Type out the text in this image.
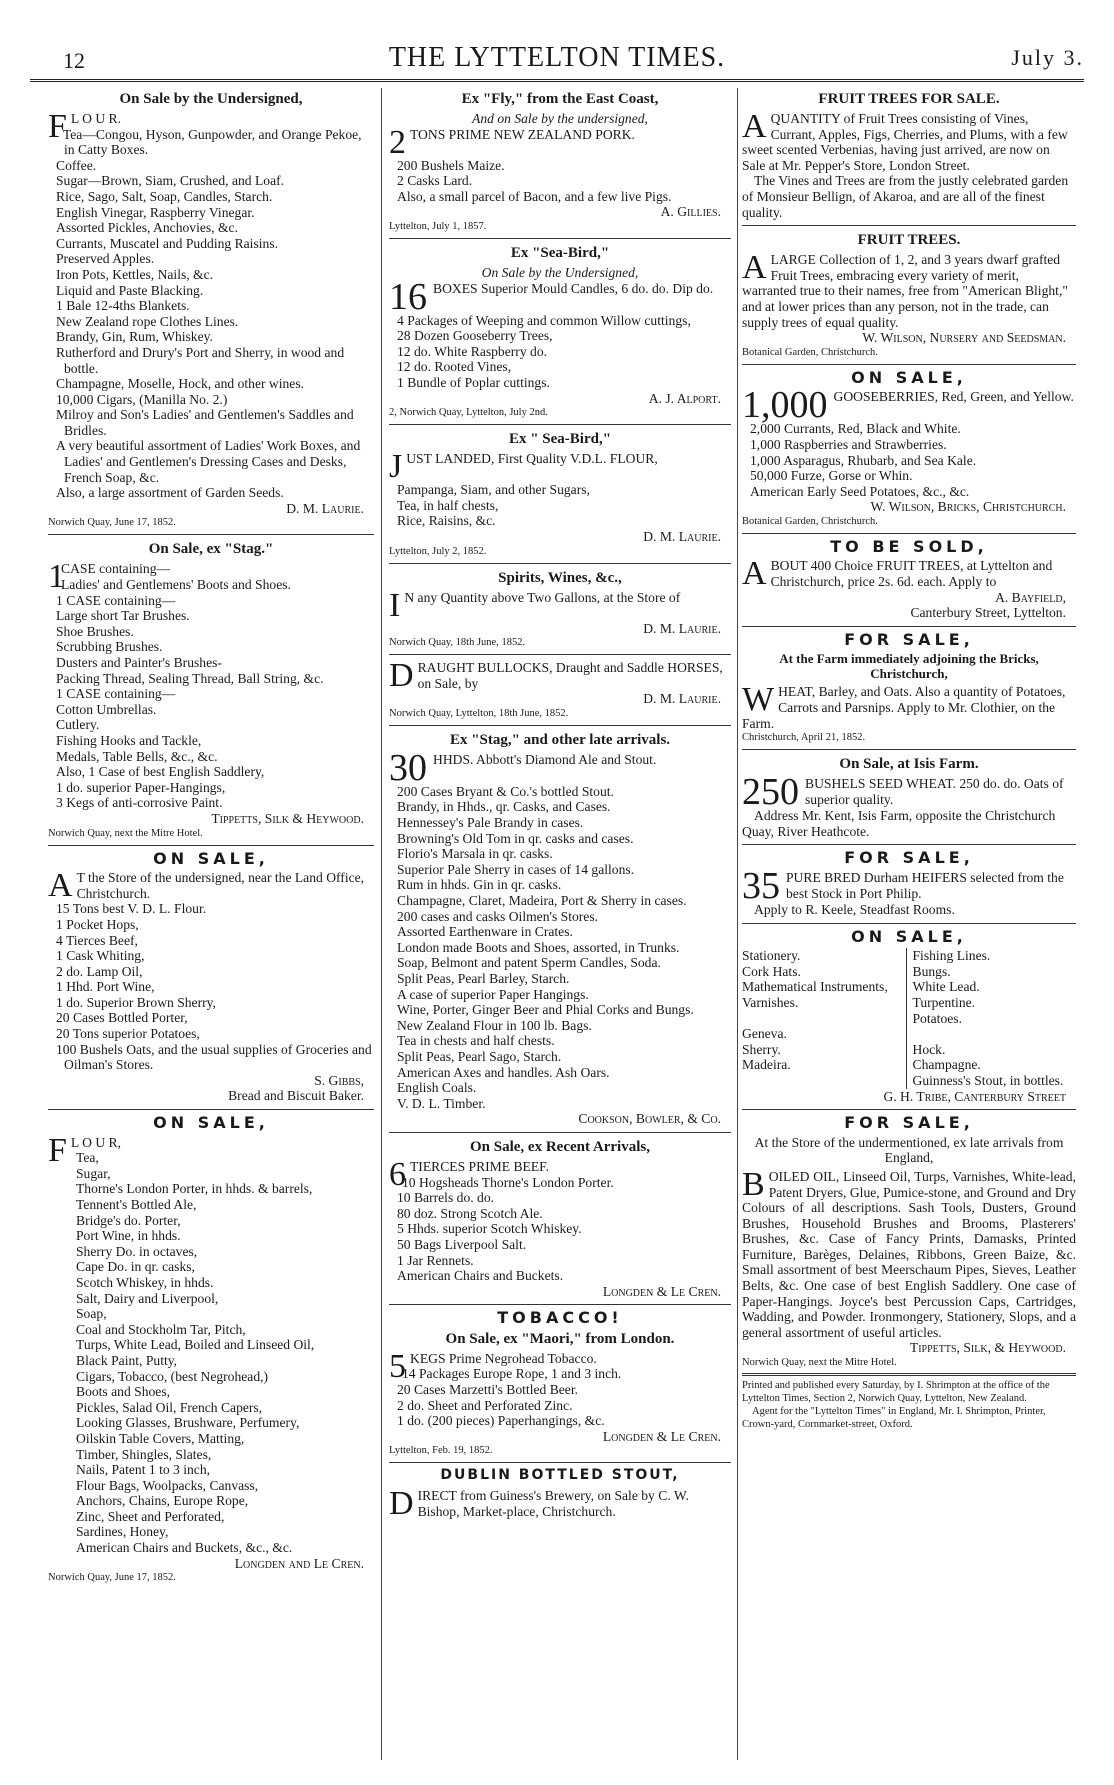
12	THE LYTTELTON TIMES.	July 3.
On Sale by the Undersigned,
F L O U R.

Tea—Congou, Hyson, Gunpowder, and Orange Pekoe, in Catty Boxes.

Coffee.

Sugar—Brown, Siam, Crushed, and Loaf.

Rice, Sago, Salt, Soap, Candles, Starch.

English Vinegar, Raspberry Vinegar.

Assorted Pickles, Anchovies, &c.

Currants, Muscatel and Pudding Raisins.

Preserved Apples.

Iron Pots, Kettles, Nails, &c.

Liquid and Paste Blacking.

1 Bale 12-4ths Blankets.

New Zealand rope Clothes Lines.

Brandy, Gin, Rum, Whiskey.

Rutherford and Drury's Port and Sherry, in wood and bottle.

Champagne, Moselle, Hock, and other wines.

10,000 Cigars, (Manilla No. 2.)

Milroy and Son's Ladies' and Gentlemen's Saddles and Bridles.

A very beautiful assortment of Ladies' Work Boxes, and Ladies' and Gentlemen's Dressing Cases and Desks, French Soap, &c.

Also, a large assortment of Garden Seeds.

D. M. Laurie.

Norwich Quay, June 17, 1852.

On Sale, ex "Stag."
1

CASE containing—

Ladies' and Gentlemens' Boots and Shoes.

1 CASE containing—

Large short Tar Brushes.

Shoe Brushes.

Scrubbing Brushes.

Dusters and Painter's Brushes-

Packing Thread, Sealing Thread, Ball String, &c.

1 CASE containing—

Cotton Umbrellas.

Cutlery.

Fishing Hooks and Tackle,

Medals, Table Bells, &c., &c.

Also, 1 Case of best English Saddlery,

1 do. superior Paper-Hangings,

3 Kegs of anti-corrosive Paint.

Tippetts, Silk & Heywood.

Norwich Quay, next the Mitre Hotel.

ON SALE,
A T the Store of the undersigned, near the Land Office, Christchurch.

15 Tons best V. D. L. Flour.

1 Pocket Hops,

4 Tierces Beef,

1 Cask Whiting,

2 do. Lamp Oil,

1 Hhd. Port Wine,

1 do. Superior Brown Sherry,

20 Cases Bottled Porter,

20 Tons superior Potatoes,

100 Bushels Oats, and the usual supplies of Groceries and Oilman's Stores.

S. Gibbs,

Bread and Biscuit Baker.

ON SALE,
F L O U R,

Tea,

Sugar,

Thorne's London Porter, in hhds. & barrels,

Tennent's Bottled Ale,

Bridge's do. Porter,

Port Wine, in hhds.

Sherry Do. in octaves,

Cape Do. in qr. casks,

Scotch Whiskey, in hhds.

Salt, Dairy and Liverpool,

Soap,

Coal and Stockholm Tar, Pitch,

Turps, White Lead, Boiled and Linseed Oil,

Black Paint, Putty,

Cigars, Tobacco, (best Negrohead,)

Boots and Shoes,

Pickles, Salad Oil, French Capers,

Looking Glasses, Brushware, Perfumery,

Oilskin Table Covers, Matting,

Timber, Shingles, Slates,

Nails, Patent 1 to 3 inch,

Flour Bags, Woolpacks, Canvass,

Anchors, Chains, Europe Rope,

Zinc, Sheet and Perforated,

Sardines, Honey,

American Chairs and Buckets, &c., &c.

Longden and Le Cren.

Norwich Quay, June 17, 1852.

Ex "Fly," from the East Coast,
And on Sale by the undersigned,
2 TONS PRIME NEW ZEALAND PORK.

200 Bushels Maize.

2 Casks Lard.

Also, a small parcel of Bacon, and a few live Pigs.

A. Gillies.

Lyttelton, July 1, 1857.

Ex "Sea-Bird,"
On Sale by the Undersigned,
16 BOXES Superior Mould Candles, 6 do. do. Dip do.

4 Packages of Weeping and common Willow cuttings,

28 Dozen Gooseberry Trees,

12 do. White Raspberry do.

12 do. Rooted Vines,

1 Bundle of Poplar cuttings.

A. J. Alport.

2, Norwich Quay, Lyttelton, July 2nd.

Ex " Sea-Bird,"
J UST LANDED, First Quality V.D.L. FLOUR,

Pampanga, Siam, and other Sugars,

Tea, in half chests,

Rice, Raisins, &c.

D. M. Laurie.

Lyttelton, July 2, 1852.

Spirits, Wines, &c.,
I N any Quantity above Two Gallons, at the Store of

D. M. Laurie.

Norwich Quay, 18th June, 1852.

D RAUGHT BULLOCKS, Draught and Saddle HORSES, on Sale, by

D. M. Laurie.

Norwich Quay, Lyttelton, 18th June, 1852.

Ex "Stag," and other late arrivals.
30 HHDS. Abbott's Diamond Ale and Stout.

200 Cases Bryant & Co.'s bottled Stout.

Brandy, in Hhds., qr. Casks, and Cases.

Hennessey's Pale Brandy in cases.

Browning's Old Tom in qr. casks and cases.

Florio's Marsala in qr. casks.

Superior Pale Sherry in cases of 14 gallons.

Rum in hhds. Gin in qr. casks.

Champagne, Claret, Madeira, Port & Sherry in cases.

200 cases and casks Oilmen's Stores.

Assorted Earthenware in Crates.

London made Boots and Shoes, assorted, in Trunks.

Soap, Belmont and patent Sperm Candles, Soda.

Split Peas, Pearl Barley, Starch.

A case of superior Paper Hangings.

Wine, Porter, Ginger Beer and Phial Corks and Bungs.

New Zealand Flour in 100 lb. Bags.

Tea in chests and half chests.

Split Peas, Pearl Sago, Starch.

American Axes and handles. Ash Oars.

English Coals.

V. D. L. Timber.

Cookson, Bowler, & Co.

On Sale, ex Recent Arrivals,
6 TIERCES PRIME BEEF.

10 Hogsheads Thorne's London Porter.

10 Barrels do. do.

80 doz. Strong Scotch Ale.

5 Hhds. superior Scotch Whiskey.

50 Bags Liverpool Salt.

1 Jar Rennets.

American Chairs and Buckets.

Longden & Le Cren.

TOBACCO!
On Sale, ex "Maori," from London.
5 KEGS Prime Negrohead Tobacco.

14 Packages Europe Rope, 1 and 3 inch.

20 Cases Marzetti's Bottled Beer.

2 do. Sheet and Perforated Zinc.

1 do. (200 pieces) Paperhangings, &c.

Longden & Le Cren.

Lyttelton, Feb. 19, 1852.

DUBLIN BOTTLED STOUT,
D IRECT from Guiness's Brewery, on Sale by C. W. Bishop, Market-place, Christchurch.

FRUIT TREES FOR SALE.
A QUANTITY of Fruit Trees consisting of Vines, Currant, Apples, Figs, Cherries, and Plums, with a few sweet scented Verbenias, having just arrived, are now on Sale at Mr. Pepper's Store, London Street.

The Vines and Trees are from the justly celebrated garden of Monsieur Bellign, of Akaroa, and are all of the finest quality.

FRUIT TREES.
A LARGE Collection of 1, 2, and 3 years dwarf grafted Fruit Trees, embracing every variety of merit, warranted true to their names, free from "American Blight," and at lower prices than any person, not in the trade, can supply trees of equal quality.

W. Wilson, Nursery and Seedsman.

Botanical Garden, Christchurch.

ON SALE,
1,000 GOOSEBERRIES, Red, Green, and Yellow.

2,000 Currants, Red, Black and White.

1,000 Raspberries and Strawberries.

1,000 Asparagus, Rhubarb, and Sea Kale.

50,000 Furze, Gorse or Whin.

American Early Seed Potatoes, &c., &c.

W. Wilson, Bricks, Christchurch.

Botanical Garden, Christchurch.

TO BE SOLD,
A BOUT 400 Choice FRUIT TREES, at Lyttelton and Christchurch, price 2s. 6d. each. Apply to

A. Bayfield,

Canterbury Street, Lyttelton.

FOR SALE,
At the Farm immediately adjoining the Bricks, Christchurch,
W HEAT, Barley, and Oats. Also a quantity of Potatoes, Carrots and Parsnips. Apply to Mr. Clothier, on the Farm.

Christchurch, April 21, 1852.

On Sale, at Isis Farm.
250 BUSHELS SEED WHEAT. 250 do. do. Oats of superior quality.

Address Mr. Kent, Isis Farm, opposite the Christchurch Quay, River Heathcote.

FOR SALE,
35 PURE BRED Durham HEIFERS selected from the best Stock in Port Philip.

Apply to R. Keele, Steadfast Rooms.

ON SALE,

Stationery.

Cork Hats.

Mathematical Instruments,

Varnishes.

Geneva.

Sherry.

Madeira.

Fishing Lines.

Bungs.

White Lead.

Turpentine.

Potatoes.

Hock.

Champagne.

Guinness's Stout, in bottles.

G. H. Tribe, Canterbury Street

FOR SALE,
At the Store of the undermentioned, ex late arrivals from England,
B OILED OIL, Linseed Oil, Turps, Varnishes, White-lead, Patent Dryers, Glue, Pumice-stone, and Ground and Dry Colours of all descriptions. Sash Tools, Dusters, Ground Brushes, Household Brushes and Brooms, Plasterers' Brushes, &c. Case of Fancy Prints, Damasks, Printed Furniture, Barèges, Delaines, Ribbons, Green Baize, &c. Small assortment of best Meerschaum Pipes, Sieves, Leather Belts, &c. One case of best English Saddlery. One case of Paper-Hangings. Joyce's best Percussion Caps, Cartridges, Wadding, and Powder. Ironmongery, Stationery, Slops, and a general assortment of useful articles.

Tippetts, Silk, & Heywood.

Norwich Quay, next the Mitre Hotel.

Printed and published every Saturday, by I. Shrimpton at the office of the Lyttelton Times, Section 2, Norwich Quay, Lyttelton, New Zealand.

Agent for the "Lyttelton Times" in England, Mr. I. Shrimpton, Printer, Crown-yard, Cornmarket-street, Oxford.
